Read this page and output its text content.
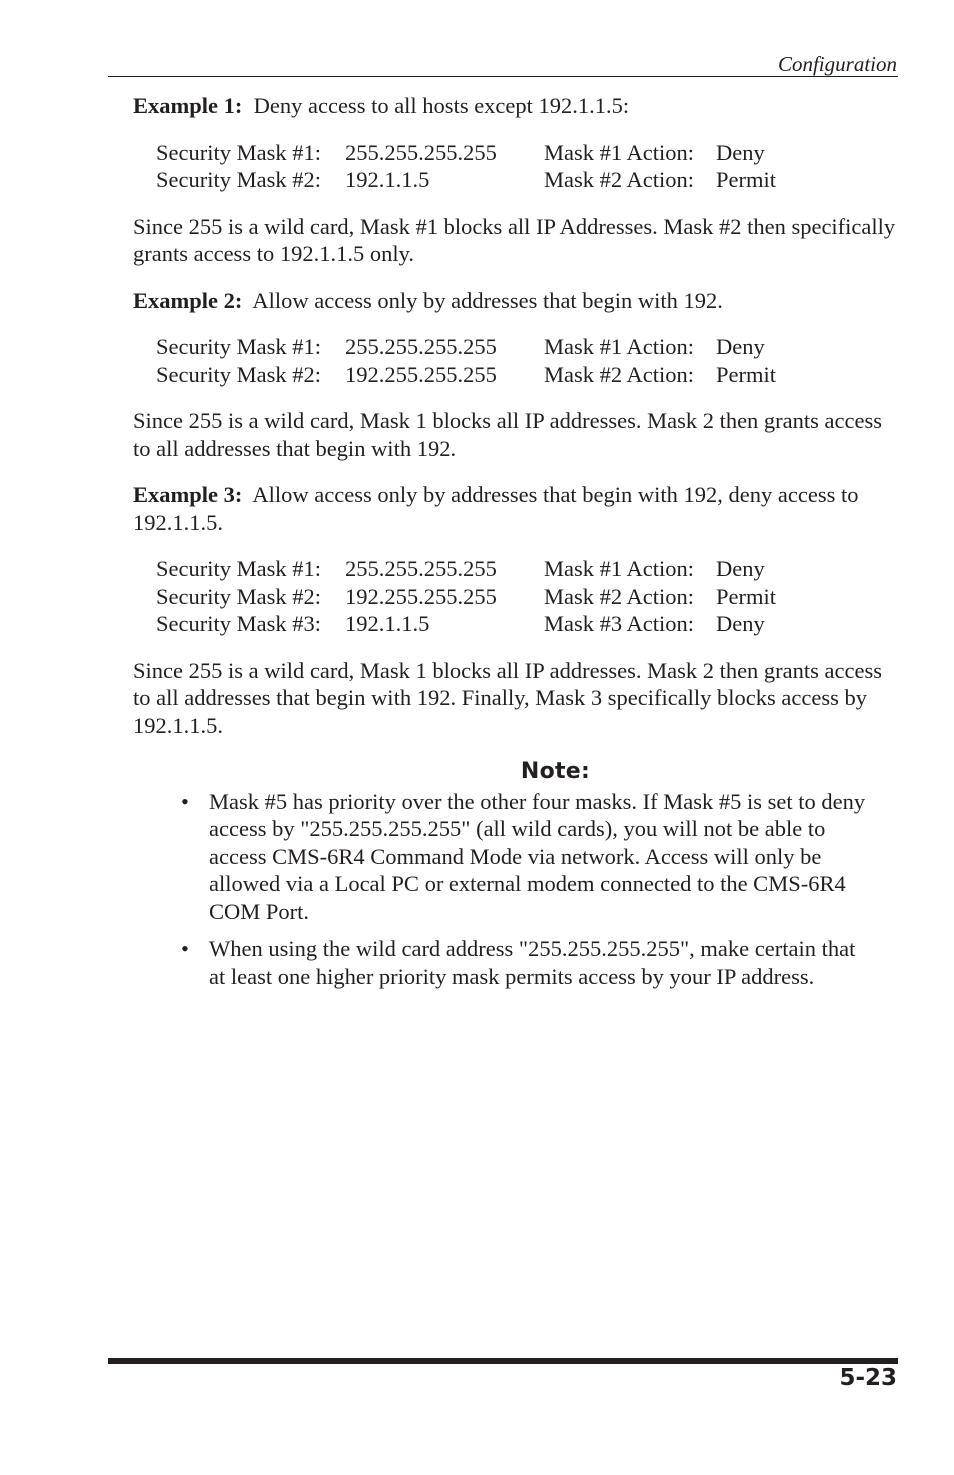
Configuration

Example 1: Deny access to all hosts except 192.1.1.5:

Security Mask #1:	255.255.255.255	Mask #1 Action:	Deny
Security Mask #2:	192.1.1.5	Mask #2 Action:	Permit

Since 255 is a wild card, Mask #1 blocks all IP Addresses. Mask #2 then specifically grants access to 192.1.1.5 only.

Example 2: Allow access only by addresses that begin with 192.

Security Mask #1:	255.255.255.255	Mask #1 Action:	Deny
Security Mask #2:	192.255.255.255	Mask #2 Action:	Permit

Since 255 is a wild card, Mask 1 blocks all IP addresses. Mask 2 then grants access to all addresses that begin with 192.

Example 3: Allow access only by addresses that begin with 192, deny access to 192.1.1.5.

Security Mask #1:	255.255.255.255	Mask #1 Action:	Deny
Security Mask #2:	192.255.255.255	Mask #2 Action:	Permit
Security Mask #3:	192.1.1.5	Mask #3 Action:	Deny

Since 255 is a wild card, Mask 1 blocks all IP addresses. Mask 2 then grants access to all addresses that begin with 192. Finally, Mask 3 specifically blocks access by 192.1.1.5.

Note:
• Mask #5 has priority over the other four masks. If Mask #5 is set to deny access by "255.255.255.255" (all wild cards), you will not be able to access CMS-6R4 Command Mode via network. Access will only be allowed via a Local PC or external modem connected to the CMS-6R4 COM Port.
• When using the wild card address "255.255.255.255", make certain that at least one higher priority mask permits access by your IP address.
5-23
